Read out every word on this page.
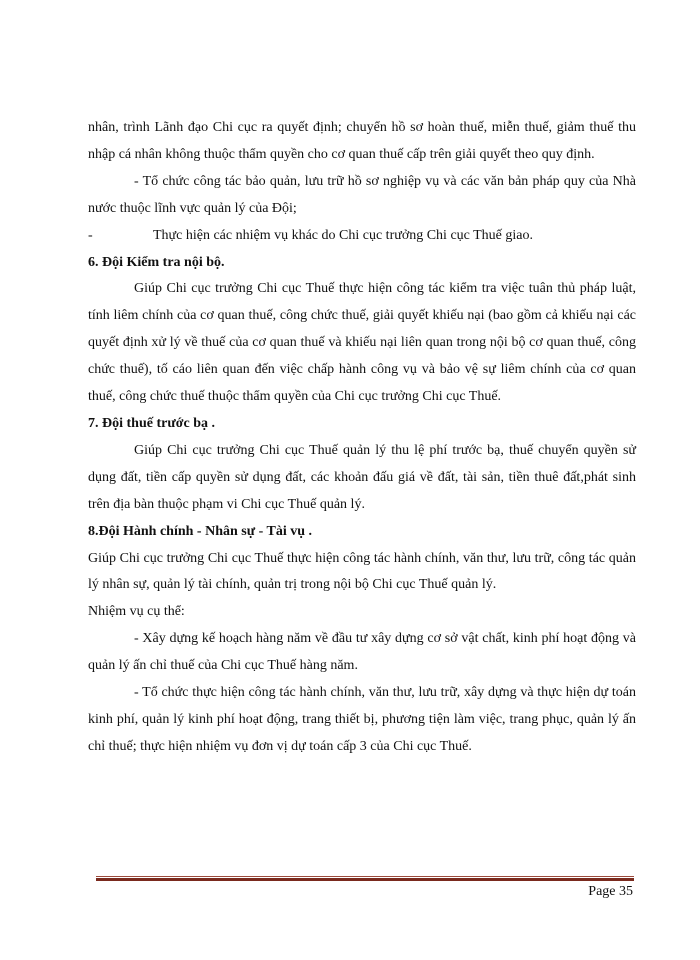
nhân, trình Lãnh đạo Chi cục ra quyết định; chuyển hồ sơ hoàn thuế, miễn thuế, giảm thuế thu nhập cá nhân không thuộc thẩm quyền cho cơ quan thuế cấp trên giải quyết theo quy định.

- Tổ chức công tác bảo quản, lưu trữ hồ sơ nghiệp vụ và các văn bản pháp quy của Nhà nước thuộc lĩnh vực quản lý của Đội;

-	Thực hiện các nhiệm vụ khác do Chi cục trưởng Chi cục Thuế giao.

6. Đội Kiểm tra nội bộ.

Giúp Chi cục trưởng Chi cục Thuế thực hiện công tác kiểm tra việc tuân thủ pháp luật, tính liêm chính của cơ quan thuế, công chức thuế, giải quyết khiếu nại (bao gồm cả khiếu nại các quyết định xử lý về thuế của cơ quan thuế và khiếu nại liên quan trong nội bộ cơ quan thuế, công chức thuế), tố cáo liên quan đến việc chấp hành công vụ và bảo vệ sự liêm chính của cơ quan thuế, công chức thuế thuộc thẩm quyền của Chi cục trưởng Chi cục Thuế.

7. Đội thuế trước bạ .

Giúp Chi cục trưởng Chi cục Thuế quản lý thu lệ phí trước bạ, thuế chuyển quyền sử dụng đất, tiền cấp quyền sử dụng đất, các khoản đấu giá về đất, tài sản, tiền thuê đất,phát sinh trên địa bàn thuộc phạm vi Chi cục Thuế quản lý.

8.Đội Hành chính - Nhân sự - Tài vụ .

Giúp Chi cục trưởng Chi cục Thuế thực hiện công tác hành chính, văn thư, lưu trữ, công tác quản lý nhân sự, quản lý tài chính, quản trị trong nội bộ Chi cục Thuế quản lý.

Nhiệm vụ cụ thể:

- Xây dựng kế hoạch hàng năm về đầu tư xây dựng cơ sở vật chất, kinh phí hoạt động và quản lý ấn chỉ thuế của Chi cục Thuế hàng năm.

- Tổ chức thực hiện công tác hành chính, văn thư, lưu trữ, xây dựng và thực hiện dự toán kinh phí, quản lý kinh phí hoạt động, trang thiết bị, phương tiện làm việc, trang phục, quản lý ấn chỉ thuế; thực hiện nhiệm vụ đơn vị dự toán cấp 3 của Chi cục Thuế.

Page 35
